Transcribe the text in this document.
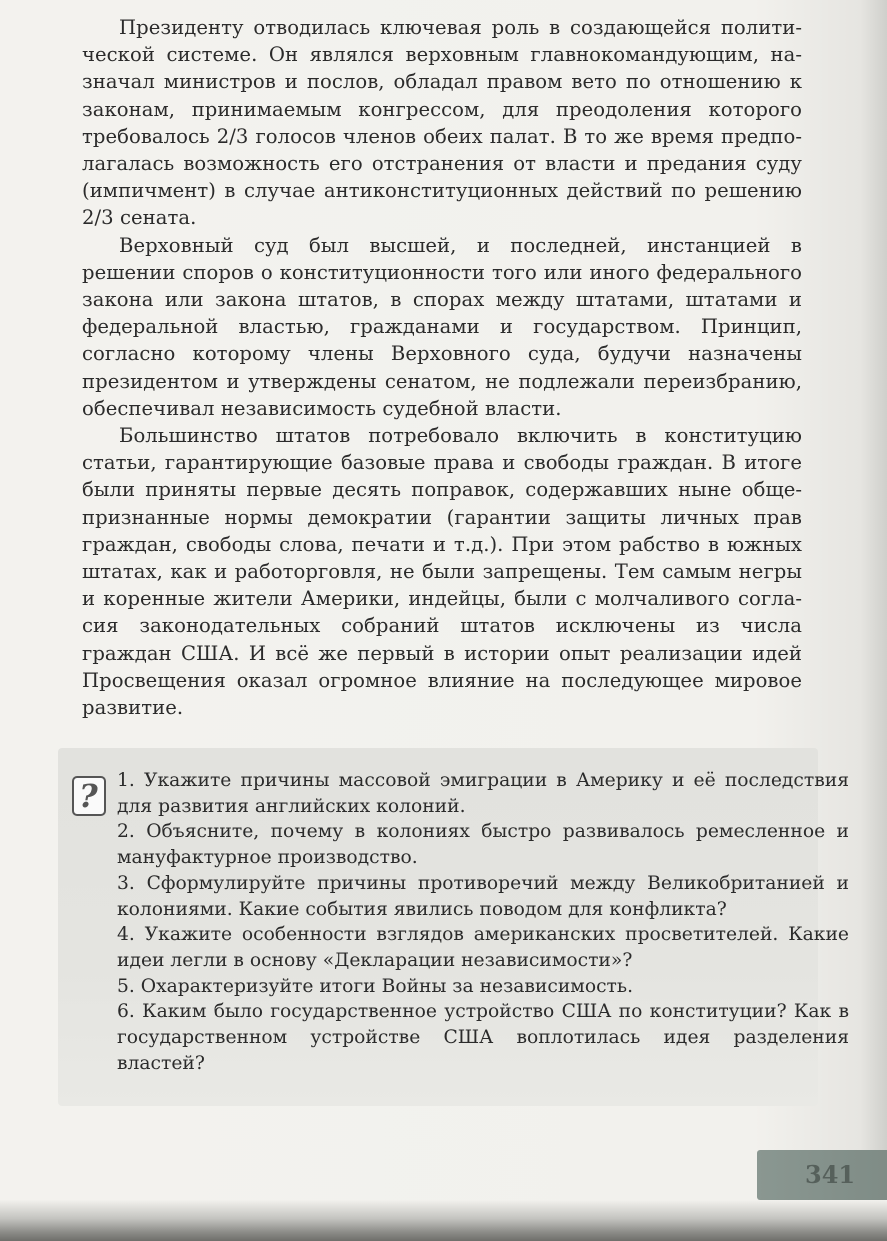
Президенту отводилась ключевая роль в создающейся политической системе. Он являлся верховным главнокомандующим, назначал министров и послов, обладал правом вето по отношению к законам, принимаемым конгрессом, для преодоления которого требовалось 2/3 голосов членов обеих палат. В то же время предполагалась возможность его отстранения от власти и предания суду (импичмент) в случае антиконституционных действий по решению 2/3 сената.

Верховный суд был высшей, и последней, инстанцией в решении споров о конституционности того или иного федерального закона или закона штатов, в спорах между штатами, штатами и федеральной властью, гражданами и государством. Принцип, согласно которому члены Верховного суда, будучи назначены президентом и утверждены сенатом, не подлежали переизбранию, обеспечивал независимость судебной власти.

Большинство штатов потребовало включить в конституцию статьи, гарантирующие базовые права и свободы граждан. В итоге были приняты первые десять поправок, содержавших ныне общепризнанные нормы демократии (гарантии защиты личных прав граждан, свободы слова, печати и т.д.). При этом рабство в южных штатах, как и работорговля, не были запрещены. Тем самым негры и коренные жители Америки, индейцы, были с молчаливого согласия законодательных собраний штатов исключены из числа граждан США. И всё же первый в истории опыт реализации идей Просвещения оказал огромное влияние на последующее мировое развитие.

? 1. Укажите причины массовой эмиграции в Америку и её последствия для развития английских колоний.

2. Объясните, почему в колониях быстро развивалось ремесленное и мануфактурное производство.

3. Сформулируйте причины противоречий между Великобританией и колониями. Какие события явились поводом для конфликта?

4. Укажите особенности взглядов американских просветителей. Какие идеи легли в основу «Декларации независимости»?

5. Охарактеризуйте итоги Войны за независимость.

6. Каким было государственное устройство США по конституции? Как в государственном устройстве США воплотилась идея разделения властей?

341
